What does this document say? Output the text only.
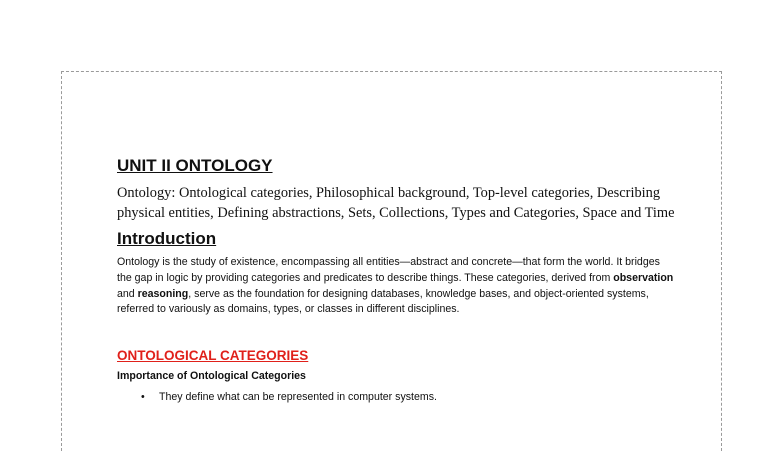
UNIT II ONTOLOGY

Ontology: Ontological categories, Philosophical background, Top-level categories, Describing physical entities, Defining abstractions, Sets, Collections, Types and Categories, Space and Time

Introduction

Ontology is the study of existence, encompassing all entities—abstract and concrete—that form the world. It bridges the gap in logic by providing categories and predicates to describe things. These categories, derived from observation and reasoning, serve as the foundation for designing databases, knowledge bases, and object-oriented systems, referred to variously as domains, types, or classes in different disciplines.

ONTOLOGICAL CATEGORIES
Importance of Ontological Categories
• They define what can be represented in computer systems.
